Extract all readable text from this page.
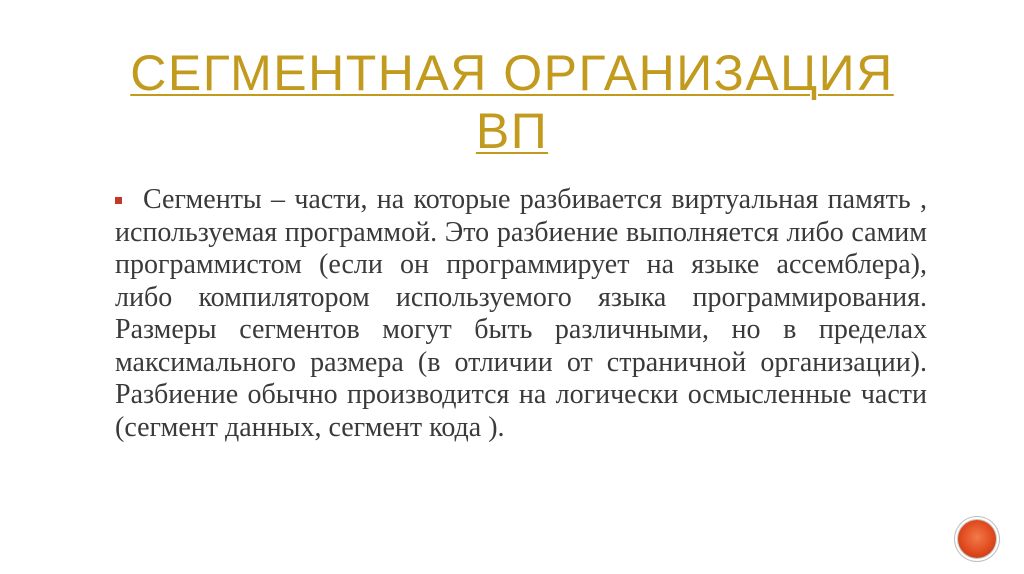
СЕГМЕНТНАЯ ОРГАНИЗАЦИЯ
ВП
Сегменты – части, на которые разбивается виртуальная память , используемая программой. Это разбиение выполняется либо самим программистом (если он программирует на языке ассемблера), либо компилятором используемого языка программирования. Размеры сегментов могут быть различными, но в пределах максимального размера (в отличии от страничной организации). Разбиение обычно производится на логически осмысленные части (сегмент данных, сегмент кода ).
